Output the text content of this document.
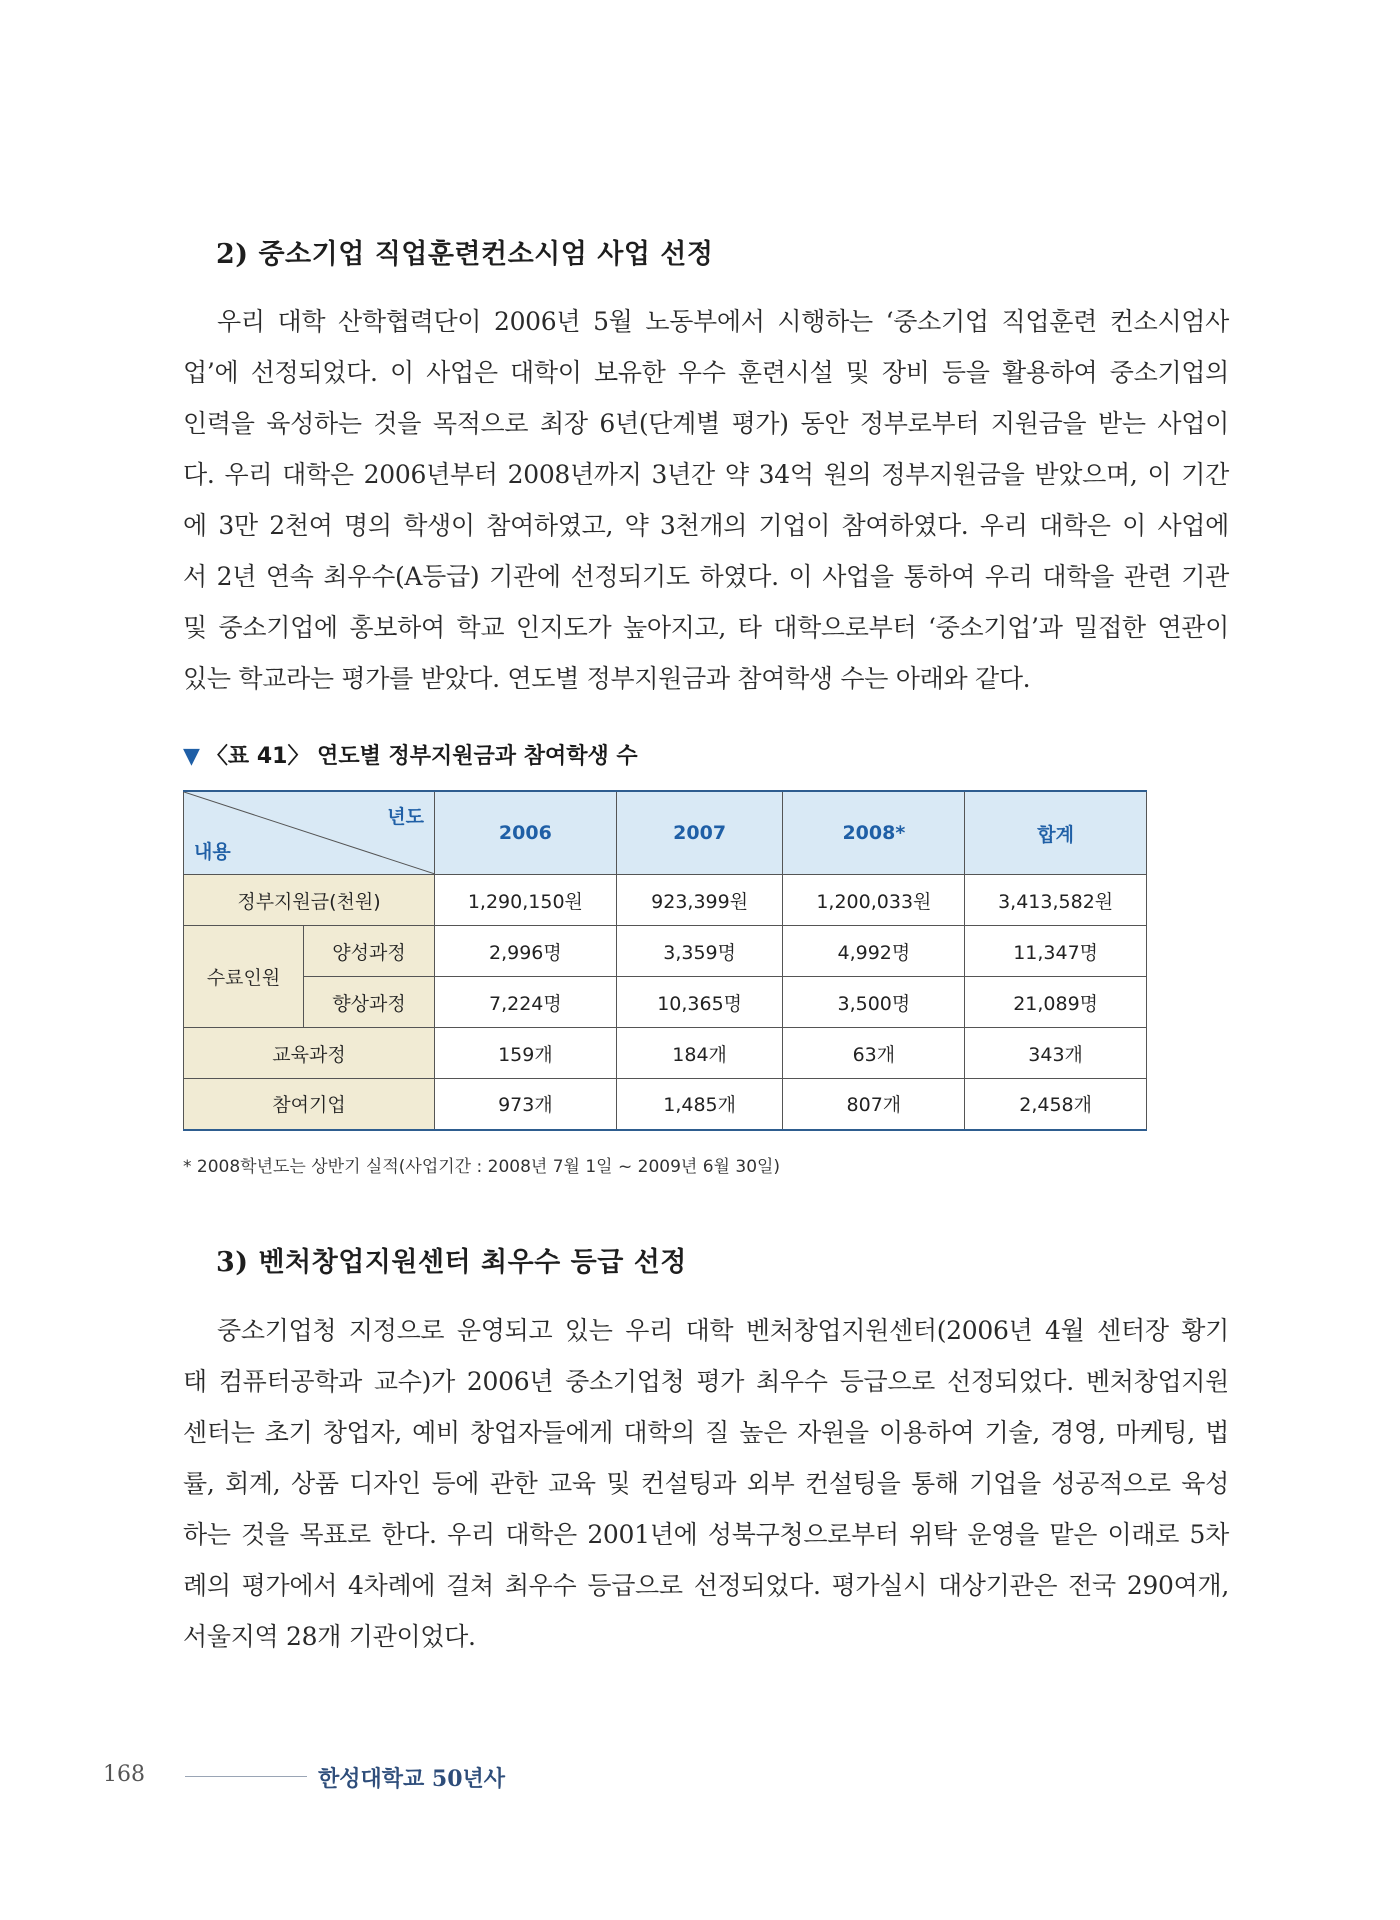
2) 중소기업 직업훈련컨소시엄 사업 선정

우리 대학 산학협력단이 2006년 5월 노동부에서 시행하는 ‘중소기업 직업훈련 컨소시엄사
업’에 선정되었다. 이 사업은 대학이 보유한 우수 훈련시설 및 장비 등을 활용하여 중소기업의
인력을 육성하는 것을 목적으로 최장 6년(단계별 평가) 동안 정부로부터 지원금을 받는 사업이
다. 우리 대학은 2006년부터 2008년까지 3년간 약 34억 원의 정부지원금을 받았으며, 이 기간
에 3만 2천여 명의 학생이 참여하였고, 약 3천개의 기업이 참여하였다. 우리 대학은 이 사업에
서 2년 연속 최우수(A등급) 기관에 선정되기도 하였다. 이 사업을 통하여 우리 대학을 관련 기관
및 중소기업에 홍보하여 학교 인지도가 높아지고, 타 대학으로부터 ‘중소기업’과 밀접한 연관이
있는 학교라는 평가를 받았다. 연도별 정부지원금과 참여학생 수는 아래와 같다.

▼ 〈표 41〉 연도별 정부지원금과 참여학생 수

년도
내용		2006	2007	2008*	합계
정부지원금(천원)		1,290,150원	923,399원	1,200,033원	3,413,582원
수료인원	양성과정	2,996명	3,359명	4,992명	11,347명
	향상과정	7,224명	10,365명	3,500명	21,089명
교육과정		159개	184개	63개	343개
참여기업		973개	1,485개	807개	2,458개

* 2008학년도는 상반기 실적(사업기간 : 2008년 7월 1일 ~ 2009년 6월 30일)

3) 벤처창업지원센터 최우수 등급 선정

중소기업청 지정으로 운영되고 있는 우리 대학 벤처창업지원센터(2006년 4월 센터장 황기
태 컴퓨터공학과 교수)가 2006년 중소기업청 평가 최우수 등급으로 선정되었다. 벤처창업지원
센터는 초기 창업자, 예비 창업자들에게 대학의 질 높은 자원을 이용하여 기술, 경영, 마케팅, 법
률, 회계, 상품 디자인 등에 관한 교육 및 컨설팅과 외부 컨설팅을 통해 기업을 성공적으로 육성
하는 것을 목표로 한다. 우리 대학은 2001년에 성북구청으로부터 위탁 운영을 맡은 이래로 5차
례의 평가에서 4차례에 걸쳐 최우수 등급으로 선정되었다. 평가실시 대상기관은 전국 290여개,
서울지역 28개 기관이었다.

168	한성대학교 50년사
